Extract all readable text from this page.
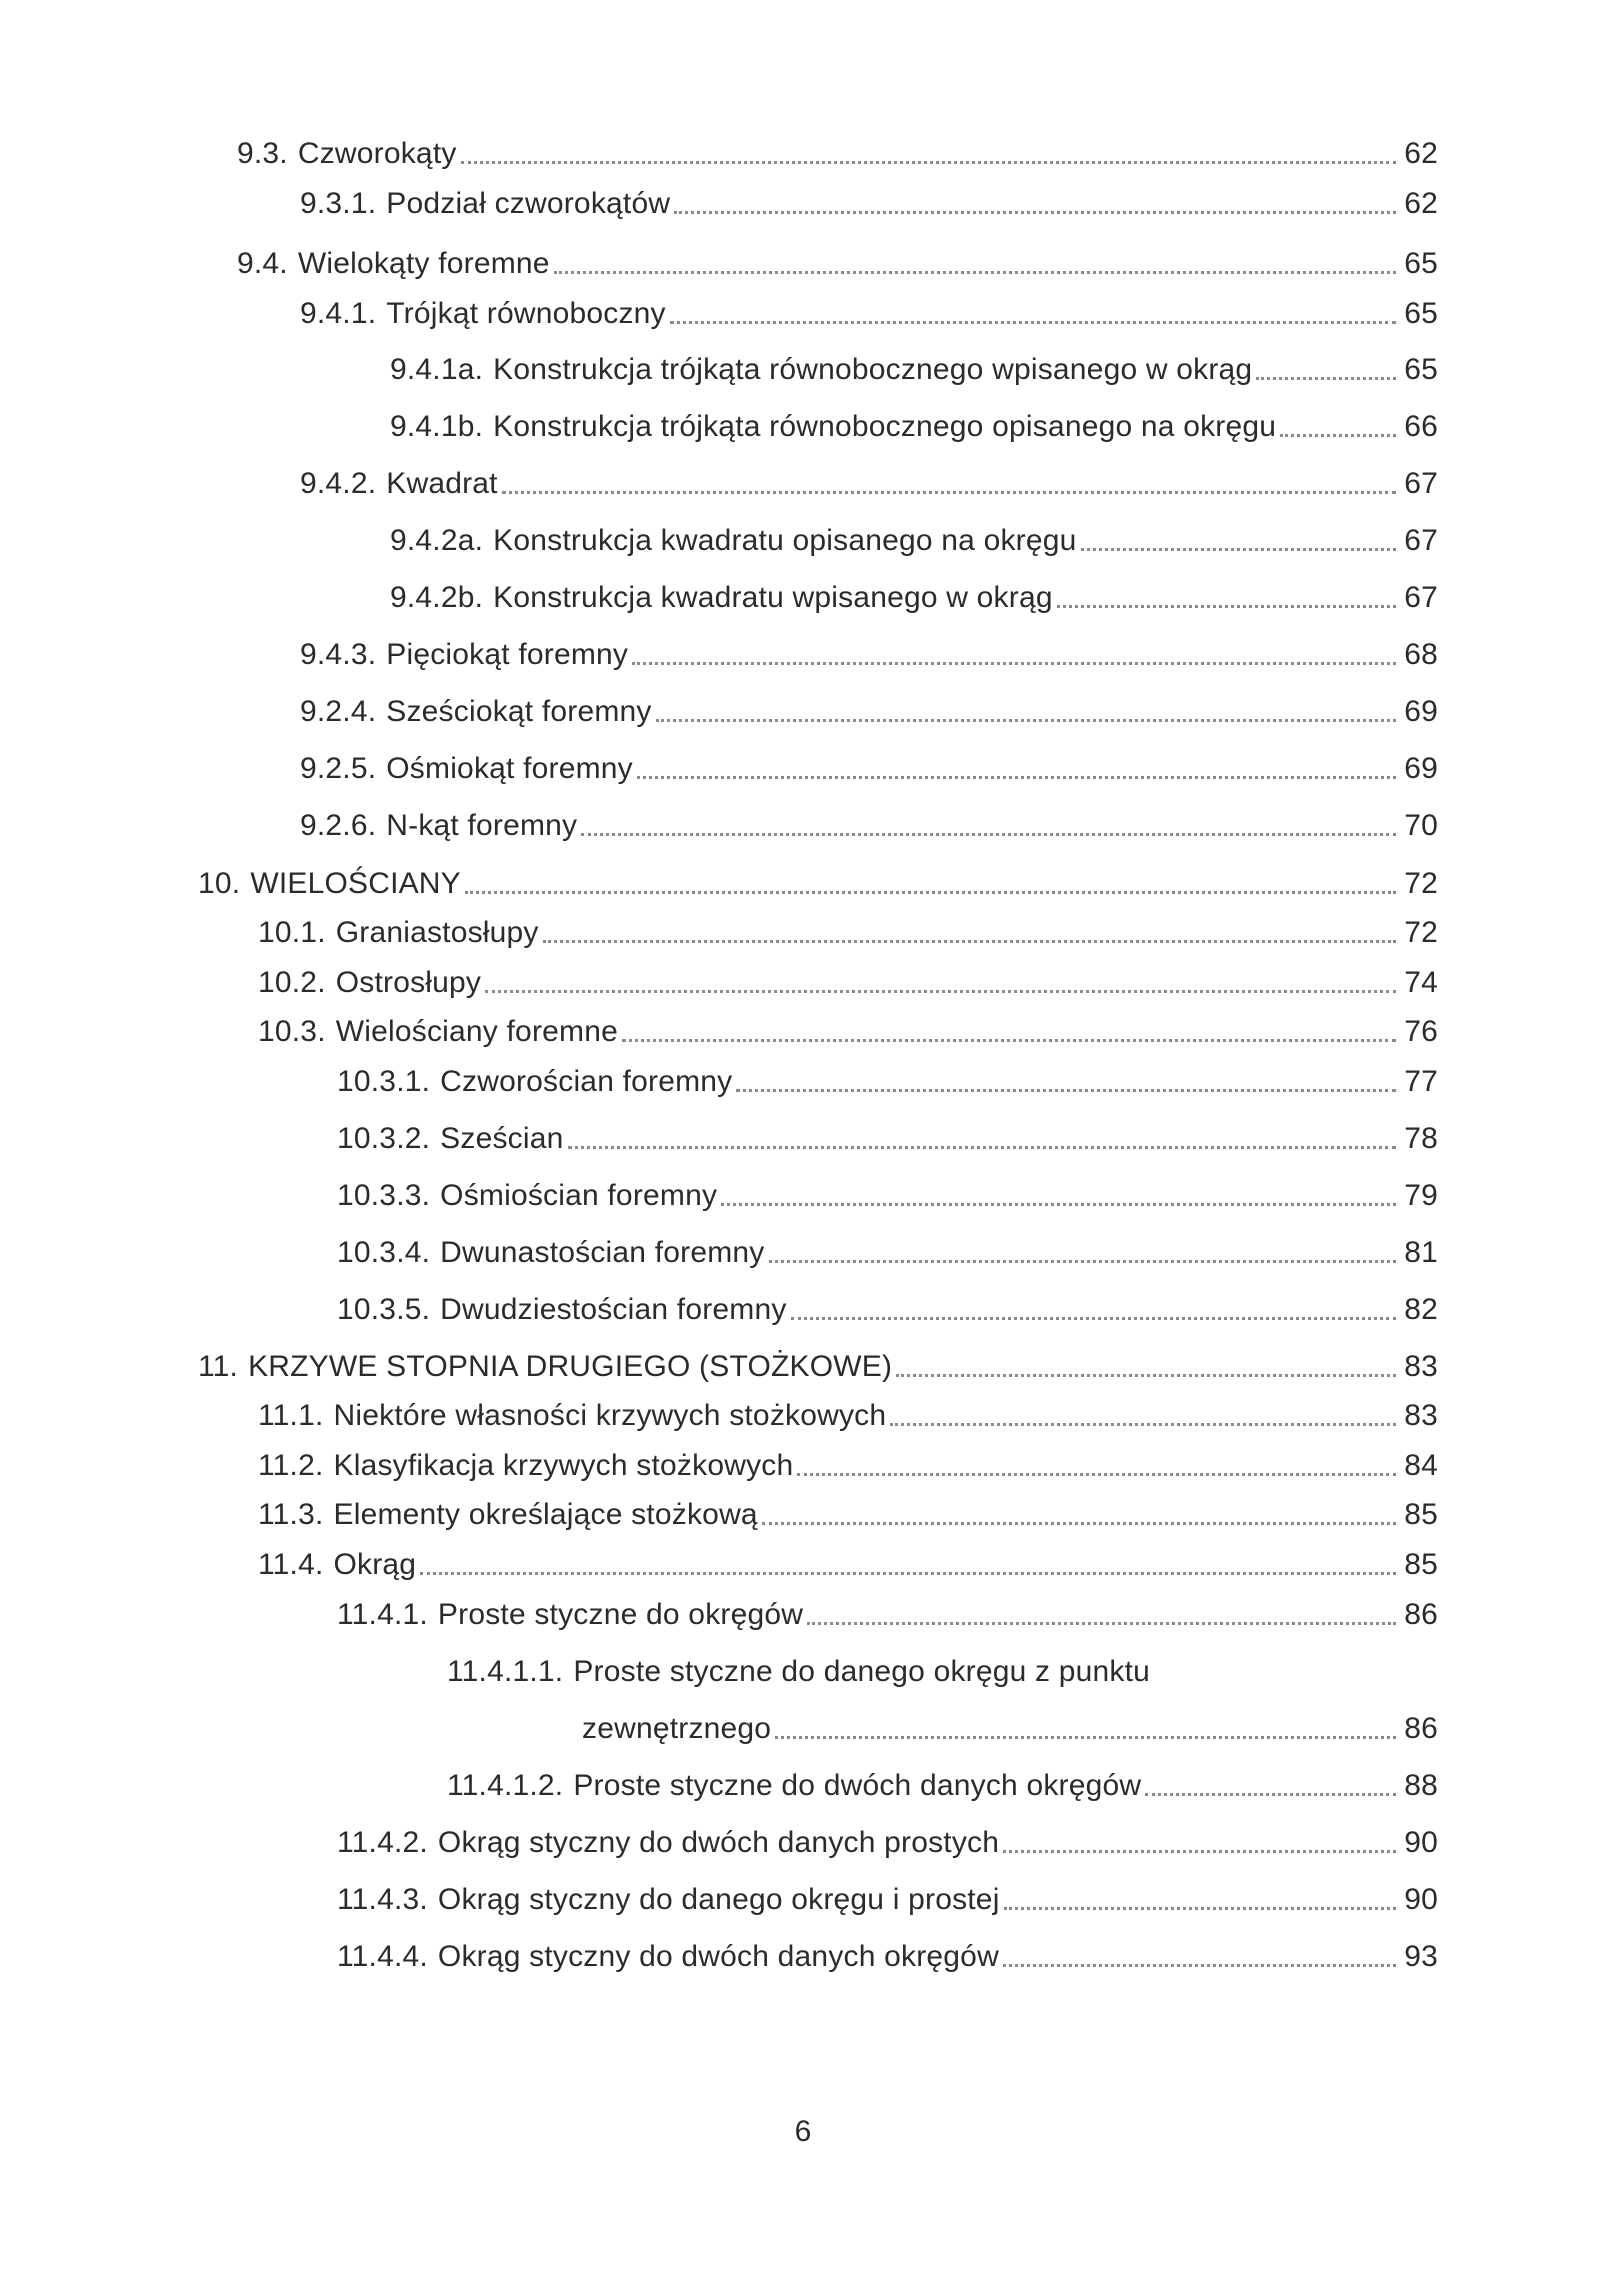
9.3. Czworokąty	62
9.3.1. Podział czworokątów	62
9.4. Wielokąty foremne	65
9.4.1. Trójkąt równoboczny	65
9.4.1a. Konstrukcja trójkąta równobocznego wpisanego w okrąg	65
9.4.1b. Konstrukcja trójkąta równobocznego opisanego na okręgu	66
9.4.2. Kwadrat	67
9.4.2a. Konstrukcja kwadratu opisanego na okręgu	67
9.4.2b. Konstrukcja kwadratu wpisanego w okrąg	67
9.4.3. Pięciokąt foremny	68
9.2.4. Sześciokąt foremny	69
9.2.5. Ośmiokąt foremny	69
9.2.6. N-kąt foremny	70
10. WIELOŚCIANY	72
10.1. Graniastosłupy	72
10.2. Ostrosłupy	74
10.3. Wielościany foremne	76
10.3.1. Czworościan foremny	77
10.3.2. Sześcian	78
10.3.3. Ośmiościan foremny	79
10.3.4. Dwunastościan foremny	81
10.3.5. Dwudziestościan foremny	82
11. KRZYWE STOPNIA DRUGIEGO (STOŻKOWE)	83
11.1. Niektóre własności krzywych stożkowych	83
11.2. Klasyfikacja krzywych stożkowych	84
11.3. Elementy określające stożkową	85
11.4. Okrąg	85
11.4.1. Proste styczne do okręgów	86
11.4.1.1. Proste styczne do danego okręgu z punktu
zewnętrznego	86
11.4.1.2. Proste styczne do dwóch danych okręgów	88
11.4.2. Okrąg styczny do dwóch danych prostych	90
11.4.3. Okrąg styczny do danego okręgu i prostej	90
11.4.4. Okrąg styczny do dwóch danych okręgów	93
6
